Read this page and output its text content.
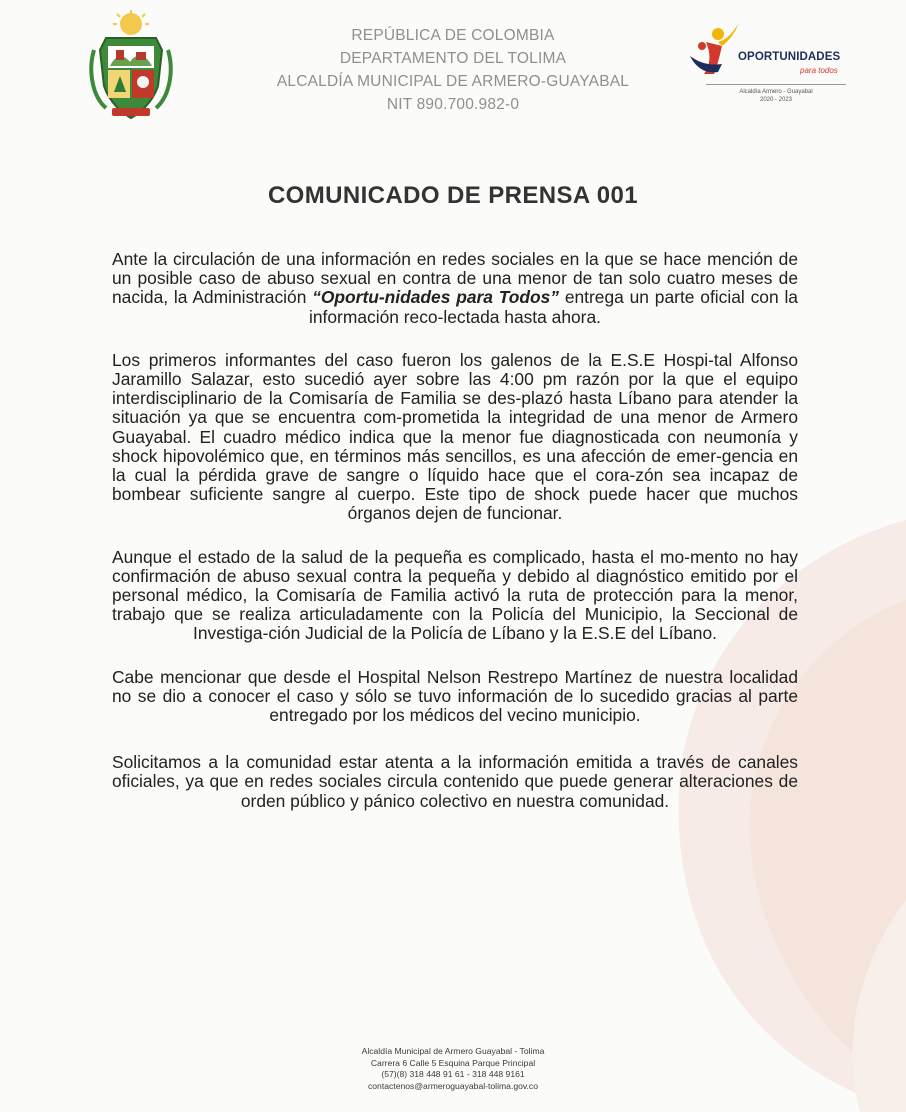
REPÚBLICA DE COLOMBIA
DEPARTAMENTO DEL TOLIMA
ALCALDÍA MUNICIPAL DE ARMERO-GUAYABAL
NIT 890.700.982-0
OPORTUNIDADES
para todos
Alcaldía Armero - Guayabal
2020 - 2023
COMUNICADO DE PRENSA 001

Ante la circulación de una información en redes sociales en la que se hace mención de un posible caso de abuso sexual en contra de una menor de tan solo cuatro meses de nacida, la Administración “Oportu-nidades para Todos” entrega un parte oficial con la información reco-lectada hasta ahora.

Los primeros informantes del caso fueron los galenos de la E.S.E Hospi-tal Alfonso Jaramillo Salazar, esto sucedió ayer sobre las 4:00 pm razón por la que el equipo interdisciplinario de la Comisaría de Familia se des-plazó hasta Líbano para atender la situación ya que se encuentra com-prometida la integridad de una menor de Armero Guayabal. El cuadro médico indica que la menor fue diagnosticada con neumonía y shock hipovolémico que, en términos más sencillos, es una afección de emer-gencia en la cual la pérdida grave de sangre o líquido hace que el cora-zón sea incapaz de bombear suficiente sangre al cuerpo. Este tipo de shock puede hacer que muchos órganos dejen de funcionar.

Aunque el estado de la salud de la pequeña es complicado, hasta el mo-mento no hay confirmación de abuso sexual contra la pequeña y debido al diagnóstico emitido por el personal médico, la Comisaría de Familia activó la ruta de protección para la menor, trabajo que se realiza articuladamente con la Policía del Municipio, la Seccional de Investiga-ción Judicial de la Policía de Líbano y la E.S.E del Líbano.

Cabe mencionar que desde el Hospital Nelson Restrepo Martínez de nuestra localidad no se dio a conocer el caso y sólo se tuvo información de lo sucedido gracias al parte entregado por los médicos del vecino municipio.

Solicitamos a la comunidad estar atenta a la información emitida a través de canales oficiales, ya que en redes sociales circula contenido que puede generar alteraciones de orden público y pánico colectivo en nuestra comunidad.

Alcaldía Municipal de Armero Guayabal - Tolima
Carrera 6 Calle 5 Esquina Parque Principal
(57)(8) 318 448 91 61 - 318 448 9161
contactenos@armeroguayabal-tolima.gov.co
